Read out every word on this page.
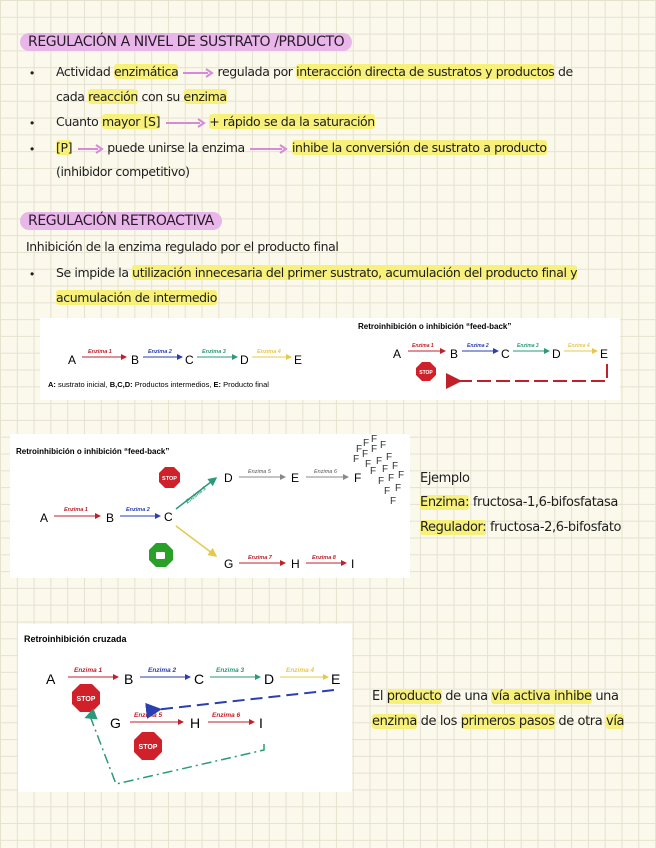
REGULACIÓN A NIVEL DE SUSTRATO /PRDUCTO
• Actividad enzimática	regulada por interacción directa de sustratos y productos de
cada reacción con su enzima
• Cuanto mayor [S]	+ rápido se da la saturación
• [P]	puede unirse la enzima	inhibe la conversión de sustrato a producto
(inhibidor competitivo)
REGULACIÓN RETROACTIVA
Inhibición de la enzima regulado por el producto final
• Se impide la utilización innecesaria del primer sustrato, acumulación del producto final y
acumulación de intermedio
Retroinhibición o inhibición “feed-back”
A	B	C	D	E
Enzima 1	Enzima 2	Enzima 3	Enzima 4
A: sustrato inicial, B,C,D: Productos intermedios, E: Producto final
A	B	C	D	E
Enzima 1	Enzima 2	Enzima 3	Enzima 4
STOP
Retroinhibición o inhibición “feed-back”
A	B	C
D	E	F
G	H	I
Enzima 1	Enzima 2
Enzima 3
Enzima 5	Enzima 6
Enzima 7	Enzima 8
STOP
F
F F
F F F F
F
F F
F F F
F F F
F F
F
Ejemplo
Enzima: fructosa-1,6-bifosfatasa
Regulador: fructosa-2,6-bifosfato
Retroinhibición cruzada
A	B	C	D	E
G	H	I
Enzima 1	Enzima 2	Enzima 3	Enzima 4
Enzima 5	Enzima 6
STOP
STOP
El producto de una vía activa inhibe una
enzima de los primeros pasos de otra vía
